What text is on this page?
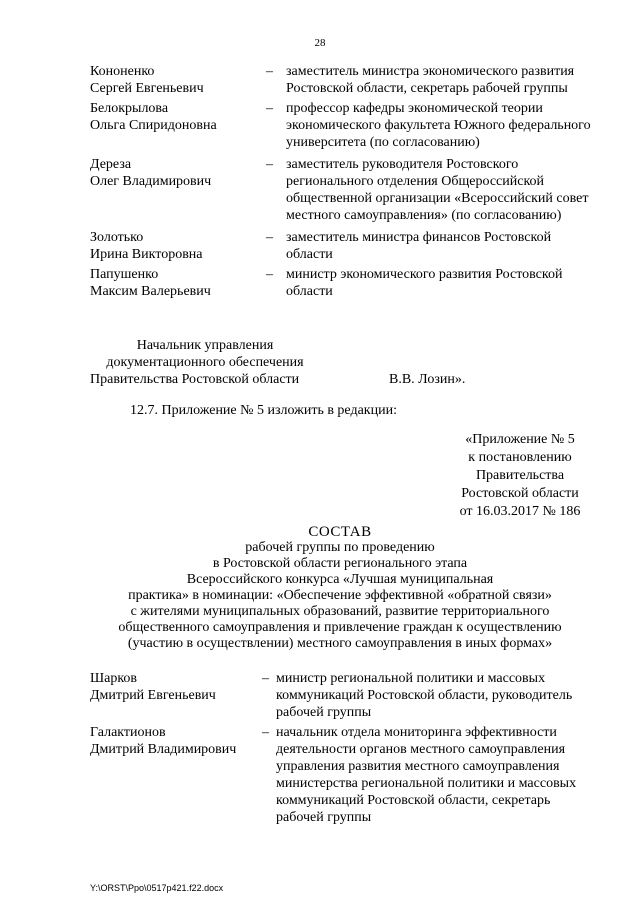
28
Кононенко
Сергей Евгеньевич
– заместитель министра экономического развития
Ростовской области, секретарь рабочей группы
Белокрылова
Ольга Спиридоновна
– профессор кафедры экономической теории
экономического факультета Южного федерального
университета (по согласованию)
Дереза
Олег Владимирович
– заместитель руководителя Ростовского
регионального отделения Общероссийской
общественной организации «Всероссийский совет
местного самоуправления» (по согласованию)
Золотько
Ирина Викторовна
– заместитель министра финансов Ростовской
области
Папушенко
Максим Валерьевич
– министр экономического развития Ростовской
области
Начальник управления
документационного обеспечения
Правительства Ростовской области	В.В. Лозин».
12.7. Приложение № 5 изложить в редакции:
«Приложение № 5
к постановлению
Правительства
Ростовской области
от 16.03.2017 № 186
СОСТАВ
рабочей группы по проведению
в Ростовской области регионального этапа
Всероссийского конкурса «Лучшая муниципальная
практика» в номинации: «Обеспечение эффективной «обратной связи»
с жителями муниципальных образований, развитие территориального
общественного самоуправления и привлечение граждан к осуществлению
(участию в осуществлении) местного самоуправления в иных формах»
Шарков
Дмитрий Евгеньевич
– министр региональной политики и массовых
коммуникаций Ростовской области, руководитель
рабочей группы
Галактионов
Дмитрий Владимирович
– начальник отдела мониторинга эффективности
деятельности органов местного самоуправления
управления развития местного самоуправления
министерства региональной политики и массовых
коммуникаций Ростовской области, секретарь
рабочей группы
Y:\ORST\Ppo\0517p421.f22.docx
